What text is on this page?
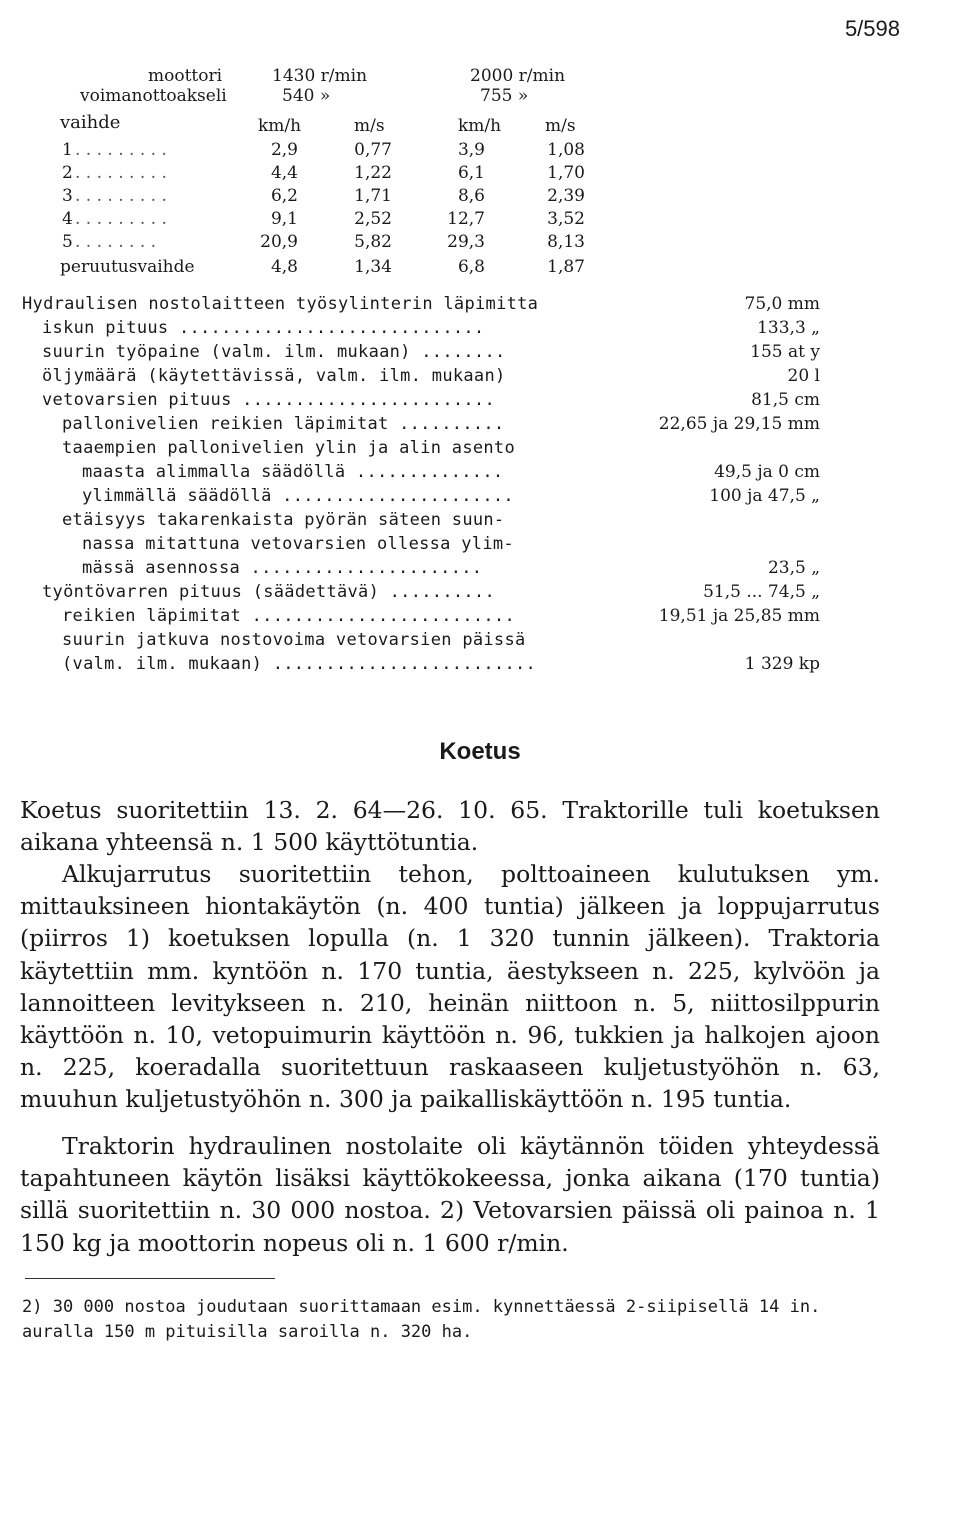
5/598
moottori	1430 r/min	2000 r/min
voimanottoakseli	540 »	755 »
vaihde	km/h	m/s	km/h	m/s
1 . . . . . . . . .	2,9	0,77	3,9	1,08
2 . . . . . . . . .	4,4	1,22	6,1	1,70
3 . . . . . . . . .	6,2	1,71	8,6	2,39
4 . . . . . . . . .	9,1	2,52	12,7	3,52
5 . . . . . . . .	20,9	5,82	29,3	8,13
peruutusvaihde	4,8	1,34	6,8	1,87
Hydraulisen nostolaitteen työsylinterin läpimitta	75,0 mm
iskun pituus .............................	133,3 „
suurin työpaine (valm. ilm. mukaan) ........	155 at y
öljymäärä (käytettävissä, valm. ilm. mukaan)	20 l
vetovarsien pituus ........................	81,5 cm
pallonivelien reikien läpimitat ..........	22,65 ja 29,15 mm
taaempien pallonivelien ylin ja alin asento
maasta alimmalla säädöllä ..............	49,5 ja 0 cm
ylimmällä säädöllä ......................	100 ja 47,5 „
etäisyys takarenkaista pyörän säteen suun-
nassa mitattuna vetovarsien ollessa ylim-
mässä asennossa ......................	23,5 „
työntövarren pituus (säädettävä) ..........	51,5 ... 74,5 „
reikien läpimitat .........................	19,51 ja 25,85 mm
suurin jatkuva nostovoima vetovarsien päissä
(valm. ilm. mukaan) .........................	1 329 kp
Koetus
Koetus suoritettiin 13. 2. 64—26. 10. 65. Traktorille tuli koetuksen aikana yhteensä n. 1 500 käyttötuntia.
Alkujarrutus suoritettiin tehon, polttoaineen kulutuksen ym. mittauksineen hiontakäytön (n. 400 tuntia) jälkeen ja loppujarrutus (piirros 1) koetuksen lopulla (n. 1 320 tunnin jälkeen). Traktoria käytettiin mm. kyntöön n. 170 tuntia, äestykseen n. 225, kylvöön ja lannoitteen levitykseen n. 210, heinän niittoon n. 5, niittosilppurin käyttöön n. 10, vetopuimurin käyttöön n. 96, tukkien ja halkojen ajoon n. 225, koeradalla suoritettuun raskaaseen kuljetustyöhön n. 63, muuhun kuljetustyöhön n. 300 ja paikalliskäyttöön n. 195 tuntia.
Traktorin hydraulinen nostolaite oli käytännön töiden yhteydessä tapahtuneen käytön lisäksi käyttökokeessa, jonka aikana (170 tuntia) sillä suoritettiin n. 30 000 nostoa. 2) Vetovarsien päissä oli painoa n. 1 150 kg ja moottorin nopeus oli n. 1 600 r/min.
2) 30 000 nostoa joudutaan suorittamaan esim. kynnettäessä 2-siipisellä 14 in. auralla 150 m pituisilla saroilla n. 320 ha.
